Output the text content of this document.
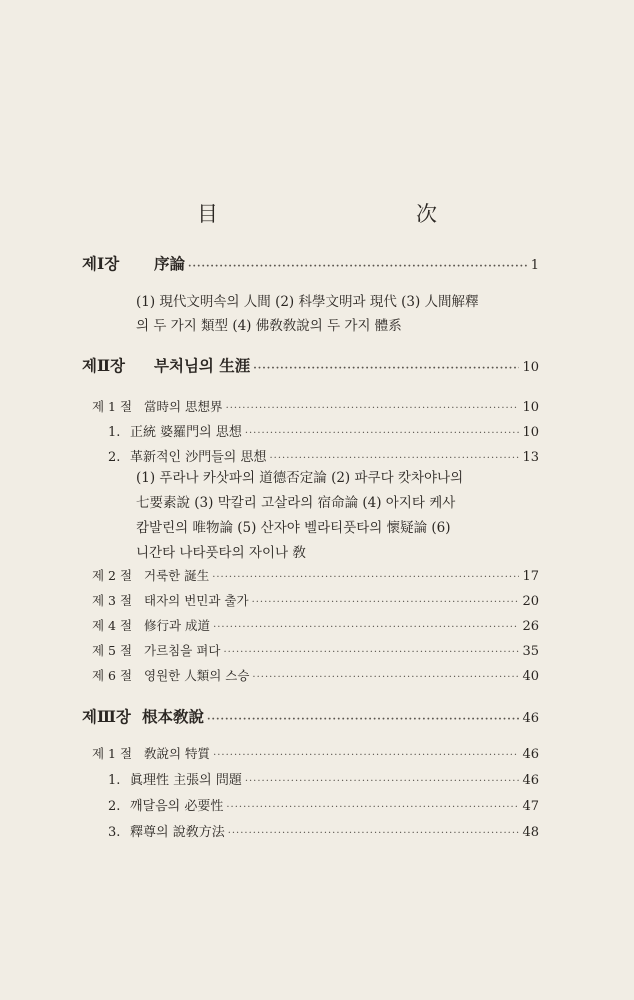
目　　次
제Ⅰ장 序論 ·····	1
(1) 現代文明속의 人間 (2) 科學文明과 現代 (3) 人間解釋
의 두 가지 類型 (4) 佛敎敎說의 두 가지 體系
제Ⅱ장 부처님의 生涯 ·····	10
제 1 절 當時의 思想界 ·····	10
1. 正統 婆羅門의 思想 ·····	10
2. 革新적인 沙門들의 思想 ·····	13
(1) 푸라나 카삿파의 道德否定論 (2) 파쿠다 캇차야나의
七要素說 (3) 막칼리 고살라의 宿命論 (4) 아지타 케사
캄발린의 唯物論 (5) 산자야 벨라티풋타의 懷疑論 (6)
니간타 나타풋타의 자이나 敎
제 2 절 거룩한 誕生 ·····	17
제 3 절 태자의 번민과 출가 ·····	20
제 4 절 修行과 成道 ·····	26
제 5 절 가르침을 펴다 ·····	35
제 6 절 영원한 人類의 스승 ·····	40
제Ⅲ장 根本敎說 ·····	46
제 1 절 敎說의 特質 ·····	46
1. 眞理性 主張의 問題 ·····	46
2. 깨달음의 必要性 ·····	47
3. 釋尊의 說敎方法 ·····	48
